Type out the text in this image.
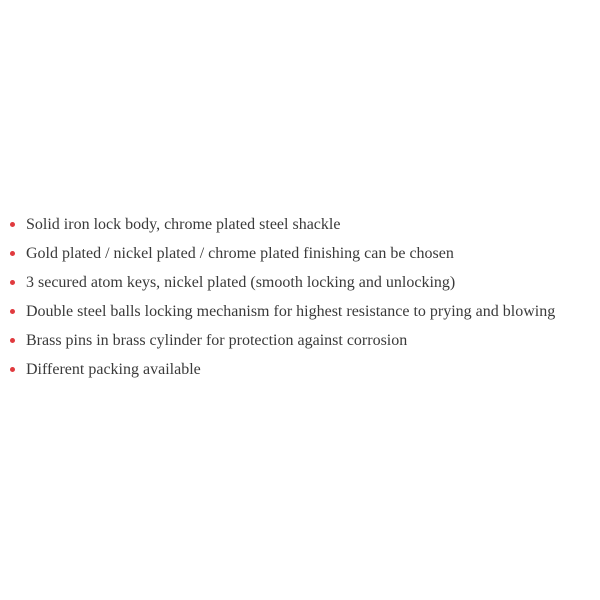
Solid iron lock body, chrome plated steel shackle
Gold plated / nickel plated / chrome plated finishing can be chosen
3 secured atom keys, nickel plated (smooth locking and unlocking)
Double steel balls locking mechanism for highest resistance to prying and blowing
Brass pins in brass cylinder for protection against corrosion
Different packing available
